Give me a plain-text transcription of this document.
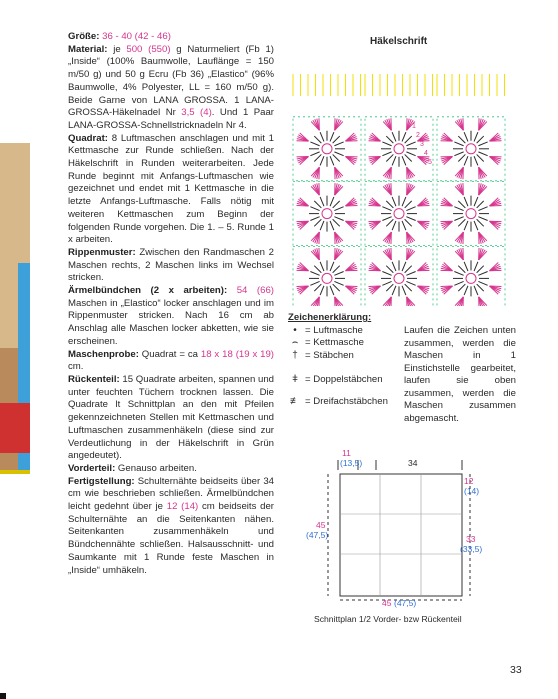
Größe: 36 - 40 (42 - 46)

Material: je 500 (550) g Naturmeliert (Fb 1) „Inside“ (100% Baumwolle, Lauflänge = 150 m/50 g) und 50 g Ecru (Fb 36) „Elastico“ (96% Baumwolle, 4% Polyester, LL = 160 m/50 g). Beide Garne von LANA GROSSA. 1 LANA-GROSSA-Häkelnadel Nr 3,5 (4). Und 1 Paar LANA-GROSSA-Schnellstricknadeln Nr 4.

Quadrat: 8 Luftmaschen anschlagen und mit 1 Kettmasche zur Runde schließen. Nach der Häkelschrift in Runden weiterarbeiten. Jede Runde beginnt mit Anfangs-Luftmaschen wie gezeichnet und endet mit 1 Kettmasche in die letzte Anfangs-Luftmasche. Falls nötig mit weiteren Kettmaschen zum Beginn der folgenden Runde vorgehen. Die 1. – 5. Runde 1 x arbeiten.

Rippenmuster: Zwischen den Randmaschen 2 Maschen rechts, 2 Maschen links im Wechsel stricken.

Ärmelbündchen (2 x arbeiten): 54 (66) Maschen in „Elastico“ locker anschlagen und im Rippenmuster stricken. Nach 16 cm ab Anschlag alle Maschen locker abketten, wie sie erscheinen.

Maschenprobe: Quadrat = ca 18 x 18 (19 x 19) cm.

Rückenteil: 15 Quadrate arbeiten, spannen und unter feuchten Tüchern trocknen lassen. Die Quadrate lt Schnittplan an den mit Pfeilen gekennzeichneten Stellen mit Kettmaschen und Luftmaschen zusammenhäkeln (diese sind zur Verdeutlichung in der Häkelschrift in Grün angedeutet).

Vorderteil: Genauso arbeiten.

Fertigstellung: Schulternähte beidseits über 34 cm wie beschrieben schließen. Ärmelbündchen leicht gedehnt über je 12 (14) cm beidseits der Schulternähte an die Seitenkanten nähen. Seitenkanten zusammenhäkeln und Bündchennähte schließen. Halsausschnitt- und Saumkante mit 1 Runde feste Maschen in „Inside“ umhäkeln.

Häkelschrift
1
2
3
4
5
Zeichenerklärung:
• = Luftmasche
⌢ = Kettmasche
† = Stäbchen
ǂ = Doppelstäbchen
≢ = Dreifachstäbchen
Laufen die Zeichen unten zusammen, werden die Maschen in 1 Einstichstelle gearbeitet, laufen sie oben zusammen, werden die Maschen zusammen abgemascht.
11
(13,5)	34
12
(14)
45
(47,5)	33
(33,5)
45 (47,5)
Schnittplan 1/2 Vorder- bzw Rückenteil
33
